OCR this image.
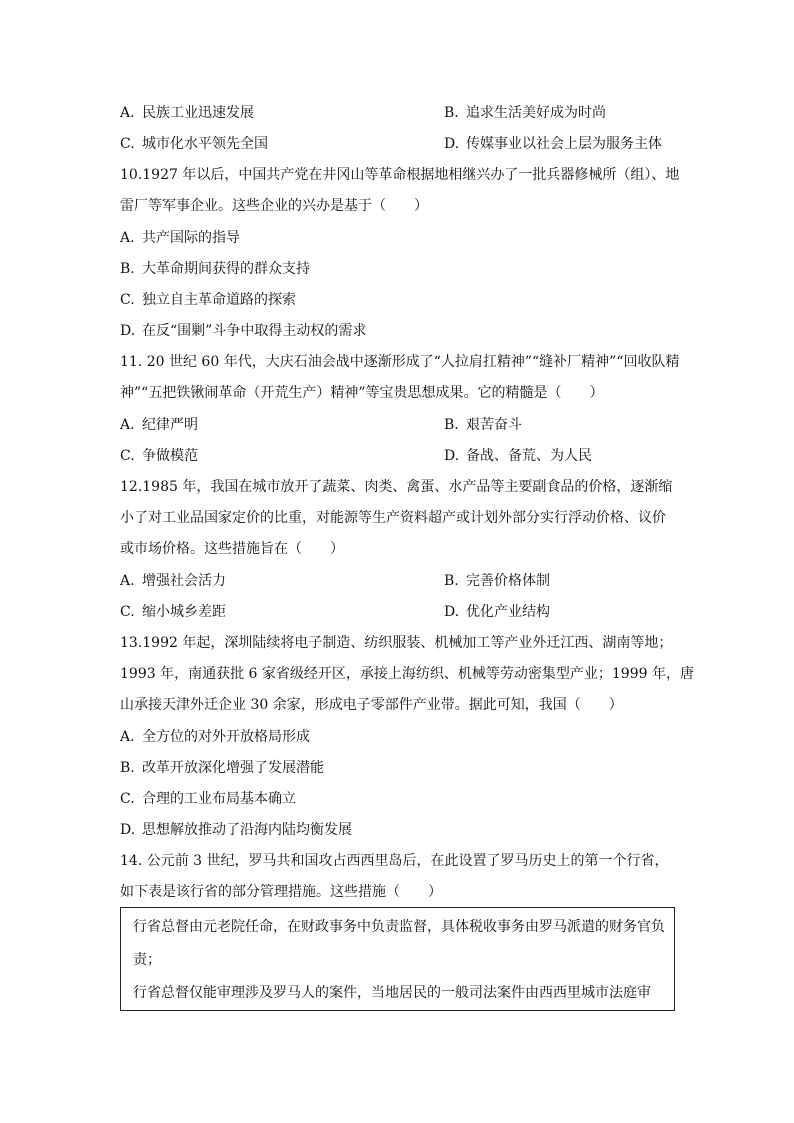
A. 民族工业迅速发展	B. 追求生活美好成为时尚
C. 城市化水平领先全国	D. 传媒事业以社会上层为服务主体
10.1927 年以后，中国共产党在井冈山等革命根据地相继兴办了一批兵器修械所（组）、地
雷厂等军事企业。这些企业的兴办是基于（　　）
A. 共产国际的指导
B. 大革命期间获得的群众支持
C. 独立自主革命道路的探索
D. 在反“围剿”斗争中取得主动权的需求
11. 20 世纪 60 年代，大庆石油会战中逐渐形成了“人拉肩扛精神”“缝补厂精神”“回收队精
神”“五把铁锹闹革命（开荒生产）精神”等宝贵思想成果。它的精髓是（　　）
A. 纪律严明	B. 艰苦奋斗
C. 争做模范	D. 备战、备荒、为人民
12.1985 年，我国在城市放开了蔬菜、肉类、禽蛋、水产品等主要副食品的价格，逐渐缩
小了对工业品国家定价的比重，对能源等生产资料超产或计划外部分实行浮动价格、议价
或市场价格。这些措施旨在（　　）
A. 增强社会活力	B. 完善价格体制
C. 缩小城乡差距	D. 优化产业结构
13.1992 年起，深圳陆续将电子制造、纺织服装、机械加工等产业外迁江西、湖南等地；
1993 年，南通获批 6 家省级经开区，承接上海纺织、机械等劳动密集型产业；1999 年，唐
山承接天津外迁企业 30 余家，形成电子零部件产业带。据此可知，我国（　　）
A. 全方位的对外开放格局形成
B. 改革开放深化增强了发展潜能
C. 合理的工业布局基本确立
D. 思想解放推动了沿海内陆均衡发展
14. 公元前 3 世纪，罗马共和国攻占西西里岛后，在此设置了罗马历史上的第一个行省，
如下表是该行省的部分管理措施。这些措施（　　）
行省总督由元老院任命，在财政事务中负责监督，具体税收事务由罗马派遣的财务官负
责；
行省总督仅能审理涉及罗马人的案件，当地居民的一般司法案件由西西里城市法庭审
